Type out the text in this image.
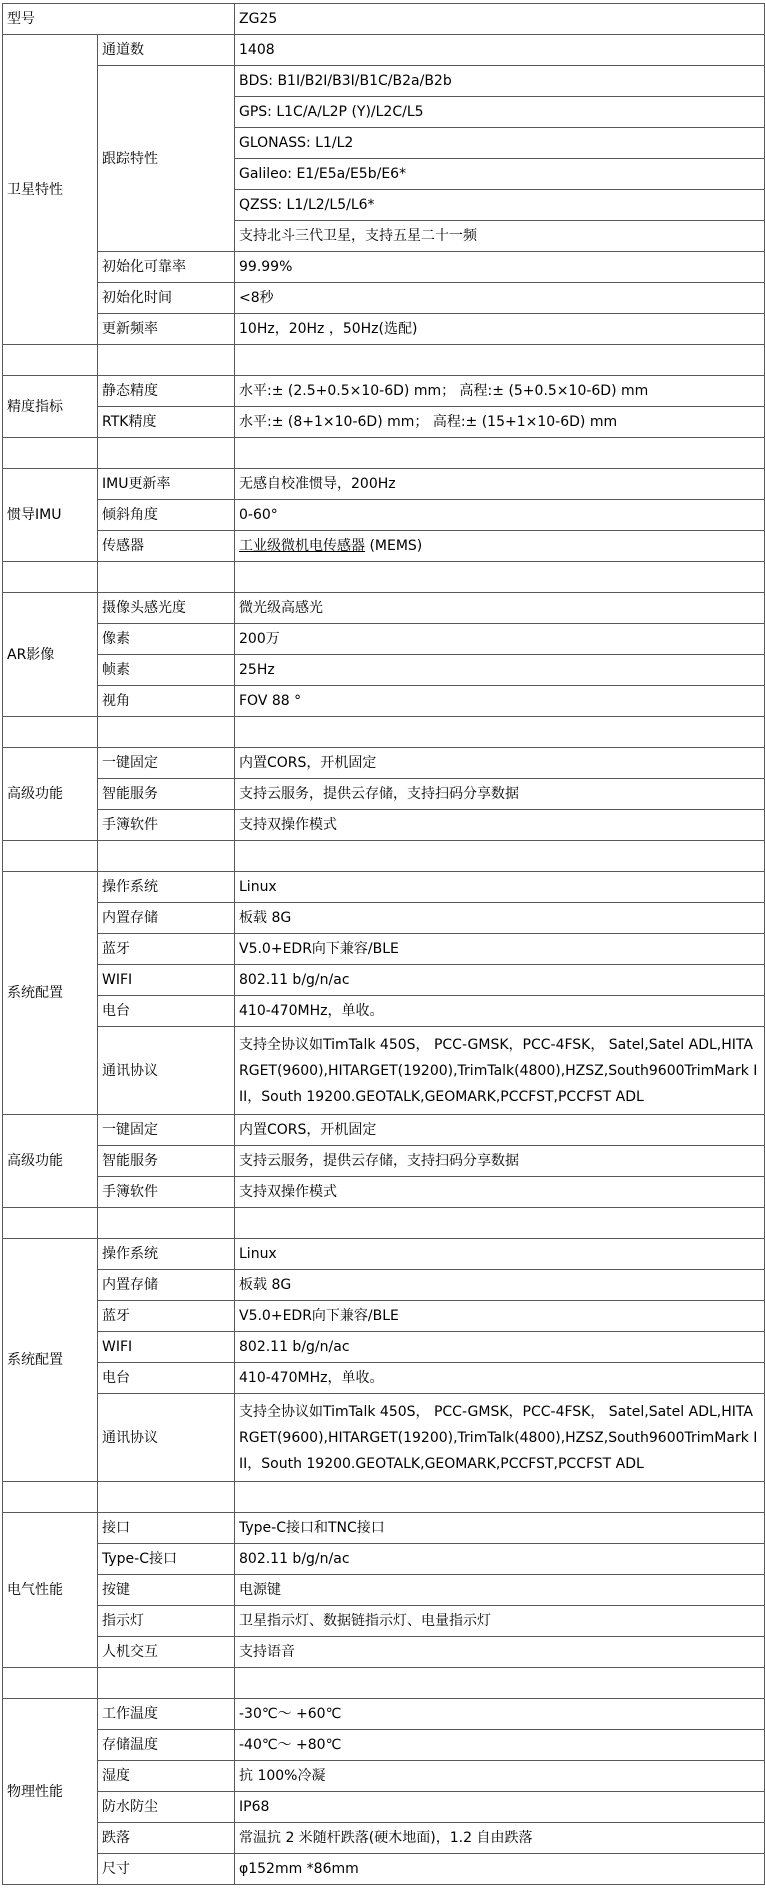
型号		ZG25
卫星特性	通道数	1408
	跟踪特性	BDS: B1I/B2I/B3I/B1C/B2a/B2b
		GPS: L1C/A/L2P (Y)/L2C/L5
		GLONASS: L1/L2
		Galileo: E1/E5a/E5b/E6*
		QZSS: L1/L2/L5/L6*
		支持北斗三代卫星，支持五星二十一频
	初始化可靠率	99.99%
	初始化时间	<8秒
	更新频率	10Hz，20Hz ，50Hz(选配)

精度指标	静态精度	水平:± (2.5+0.5×10-6D) mm； 高程:± (5+0.5×10-6D) mm
	RTK精度	水平:± (8+1×10-6D) mm； 高程:± (15+1×10-6D) mm

惯导IMU	IMU更新率	无感自校准惯导，200Hz
	倾斜角度	0-60°
	传感器	工业级微机电传感器 (MEMS)

AR影像	摄像头感光度	微光级高感光
	像素	200万
	帧素	25Hz
	视角	FOV 88 °

高级功能	一键固定	内置CORS，开机固定
	智能服务	支持云服务，提供云存储，支持扫码分享数据
	手簿软件	支持双操作模式

系统配置	操作系统	Linux
	内置存储	板载 8G
	蓝牙	V5.0+EDR向下兼容/BLE
	WIFI	802.11 b/g/n/ac
	电台	410-470MHz，单收。
	通讯协议	支持全协议如TimTalk 450S， PCC-GMSK，PCC-4FSK， Satel,Satel ADL,HITARGET(9600),HITARGET(19200),TrimTalk(4800),HZSZ,South9600TrimMark III，South 19200.GEOTALK,GEOMARK,PCCFST,PCCFST ADL
高级功能	一键固定	内置CORS，开机固定
	智能服务	支持云服务，提供云存储，支持扫码分享数据
	手簿软件	支持双操作模式

系统配置	操作系统	Linux
	内置存储	板载 8G
	蓝牙	V5.0+EDR向下兼容/BLE
	WIFI	802.11 b/g/n/ac
	电台	410-470MHz，单收。
	通讯协议	支持全协议如TimTalk 450S， PCC-GMSK，PCC-4FSK， Satel,Satel ADL,HITARGET(9600),HITARGET(19200),TrimTalk(4800),HZSZ,South9600TrimMark III，South 19200.GEOTALK,GEOMARK,PCCFST,PCCFST ADL

电气性能	接口	Type-C接口和TNC接口
	Type-C接口	802.11 b/g/n/ac
	按键	电源键
	指示灯	卫星指示灯、数据链指示灯、电量指示灯
	人机交互	支持语音

物理性能	工作温度	-30℃～ +60℃
	存储温度	-40℃～ +80℃
	湿度	抗 100%冷凝
	防水防尘	IP68
	跌落	常温抗 2 米随杆跌落(硬木地面)，1.2 自由跌落
	尺寸	φ152mm *86mm
